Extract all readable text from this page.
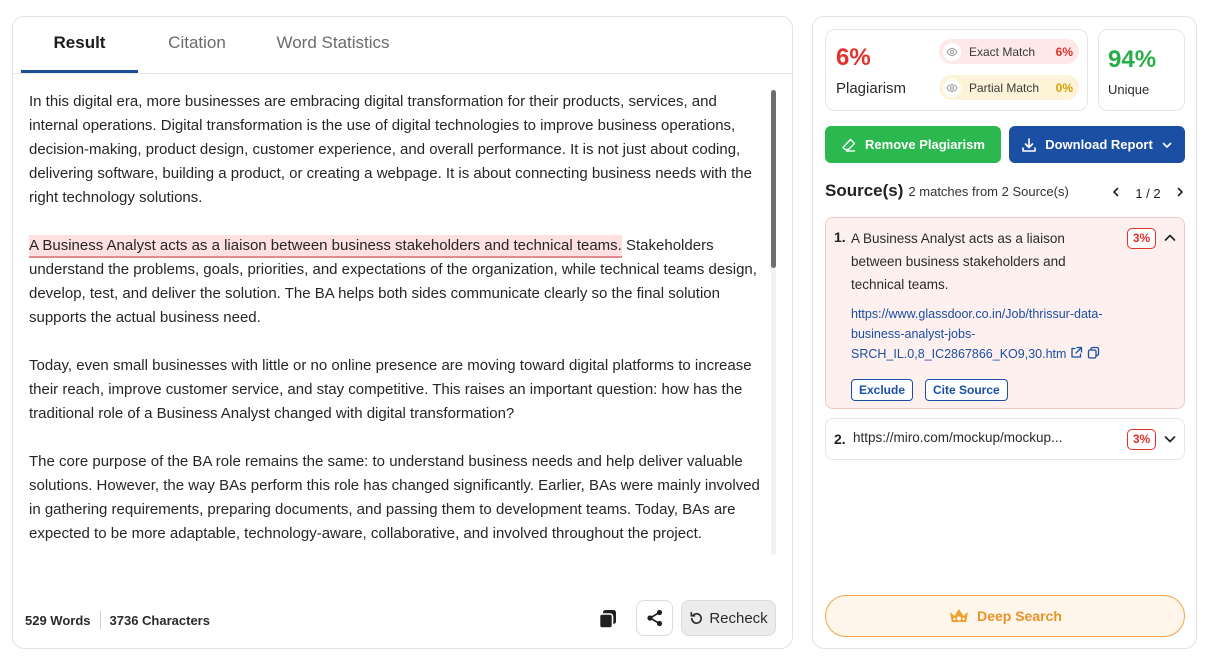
Result	Citation	Word Statistics

In this digital era, more businesses are embracing digital transformation for their products, services, and internal operations. Digital transformation is the use of digital technologies to improve business operations, decision-making, product design, customer experience, and overall performance. It is not just about coding, delivering software, building a product, or creating a webpage. It is about connecting business needs with the right technology solutions.

A Business Analyst acts as a liaison between business stakeholders and technical teams. Stakeholders understand the problems, goals, priorities, and expectations of the organization, while technical teams design, develop, test, and deliver the solution. The BA helps both sides communicate clearly so the final solution supports the actual business need.

Today, even small businesses with little or no online presence are moving toward digital platforms to increase their reach, improve customer service, and stay competitive. This raises an important question: how has the traditional role of a Business Analyst changed with digital transformation?

The core purpose of the BA role remains the same: to understand business needs and help deliver valuable solutions. However, the way BAs perform this role has changed significantly. Earlier, BAs were mainly involved in gathering requirements, preparing documents, and passing them to development teams. Today, BAs are expected to be more adaptable, technology-aware, collaborative, and involved throughout the project.

529 Words 3736 Characters	Recheck
6%
Plagiarism
Exact Match	6%
Partial Match	0%
94%
Unique
Remove Plagiarism	Download Report
Source(s) 2 matches from 2 Source(s)	1 / 2
1. A Business Analyst acts as a liaison between business stakeholders and technical teams.
3%
https://www.glassdoor.co.in/Job/thrissur-data-business-analyst-jobs-SRCH_IL.0,8_IC2867866_KO9,30.htm
Exclude	Cite Source
2. https://miro.com/mockup/mockup...	3%
Deep Search
